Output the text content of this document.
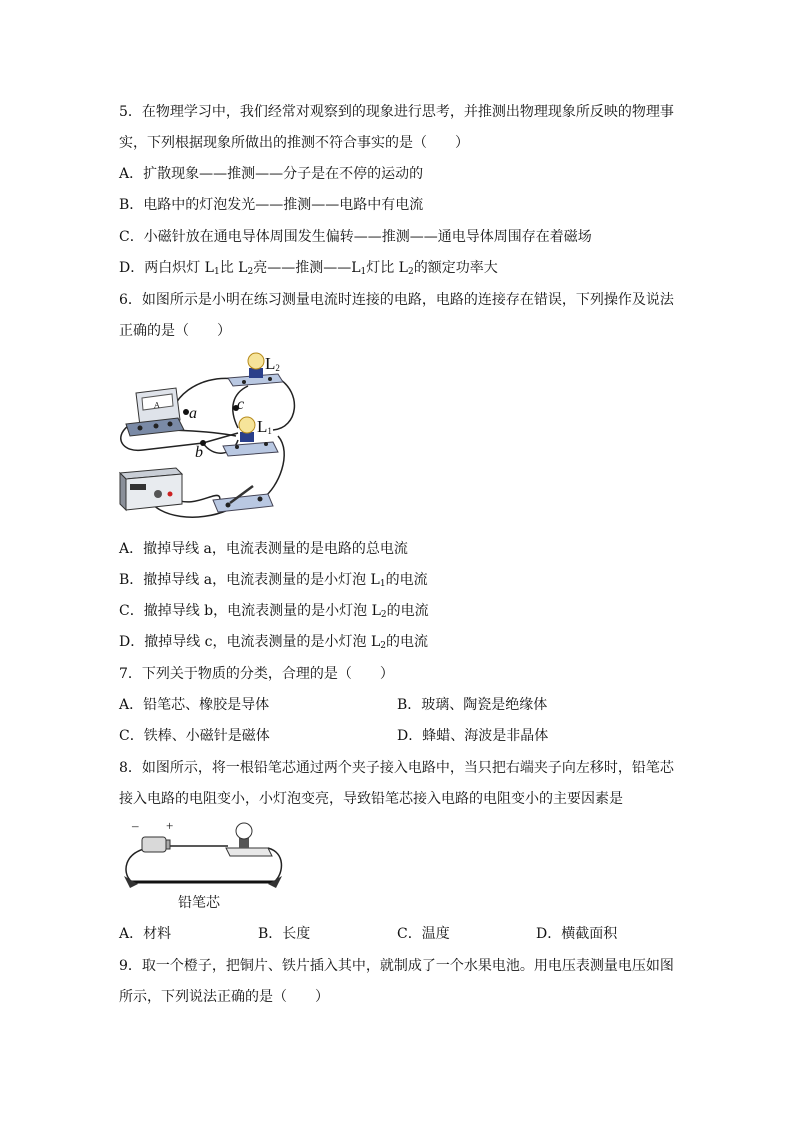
5．在物理学习中，我们经常对观察到的现象进行思考，并推测出物理现象所反映的物理事
实，下列根据现象所做出的推测不符合事实的是（　　）
A．扩散现象——推测——分子是在不停的运动的
B．电路中的灯泡发光——推测——电路中有电流
C．小磁针放在通电导体周围发生偏转——推测——通电导体周围存在着磁场
D．两白炽灯 $L_1$比 $L_2$亮——推测$——L_1$灯比 $L_2$的额定功率大
6．如图所示是小明在练习测量电流时连接的电路，电路的连接存在错误，下列操作及说法
正确的是（　　）
A
$L_2$
$L_1$
a
b
c
A．撤掉导线 a，电流表测量的是电路的总电流
B．撤掉导线 a，电流表测量的是小灯泡 $L_1$的电流
C．撤掉导线 b，电流表测量的是小灯泡 $L_2$的电流
D．撤掉导线 c，电流表测量的是小灯泡 $L_2$的电流
7．下列关于物质的分类，合理的是（　　）
A．铅笔芯、橡胶是导体	B．玻璃、陶瓷是绝缘体
C．铁棒、小磁针是磁体	D．蜂蜡、海波是非晶体
8．如图所示，将一根铅笔芯通过两个夹子接入电路中，当只把右端夹子向左移时，铅笔芯
接入电路的电阻变小，小灯泡变亮，导致铅笔芯接入电路的电阻变小的主要因素是
– +
铅笔芯
A．材料	B．长度	C．温度	D．横截面积
9．取一个橙子，把铜片、铁片插入其中，就制成了一个水果电池。用电压表测量电压如图
所示，下列说法正确的是（　　）
